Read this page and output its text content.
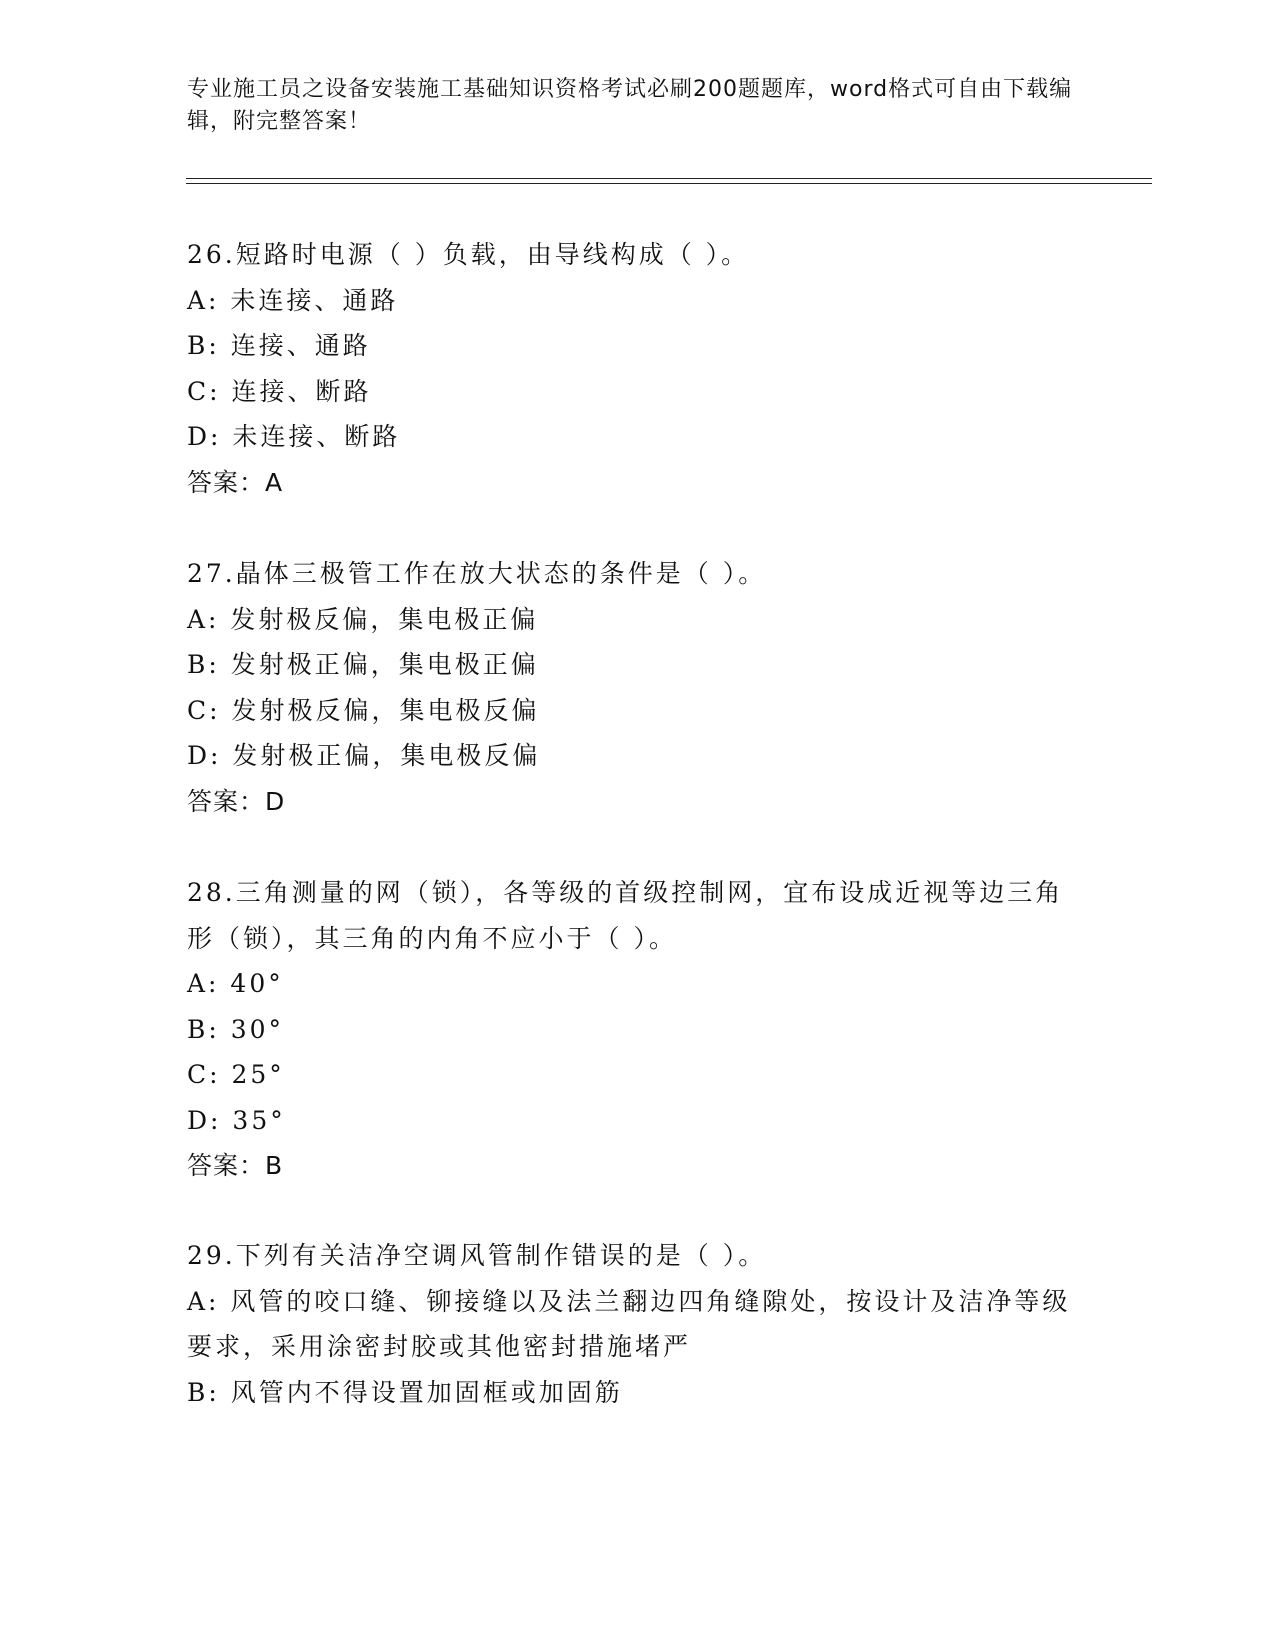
专业施工员之设备安装施工基础知识资格考试必刷200题题库，word格式可自由下载编辑，附完整答案！
26.短路时电源（ ）负载，由导线构成（ ）。
A: 未连接、通路
B: 连接、通路
C: 连接、断路
D: 未连接、断路
答案：A
27.晶体三极管工作在放大状态的条件是（ ）。
A: 发射极反偏，集电极正偏
B: 发射极正偏，集电极正偏
C: 发射极反偏，集电极反偏
D: 发射极正偏，集电极反偏
答案：D
28.三角测量的网（锁），各等级的首级控制网，宜布设成近视等边三角形（锁），其三角的内角不应小于（ ）。
A: 40°
B: 30°
C: 25°
D: 35°
答案：B
29.下列有关洁净空调风管制作错误的是（ ）。
A: 风管的咬口缝、铆接缝以及法兰翻边四角缝隙处，按设计及洁净等级要求，采用涂密封胶或其他密封措施堵严
B: 风管内不得设置加固框或加固筋
